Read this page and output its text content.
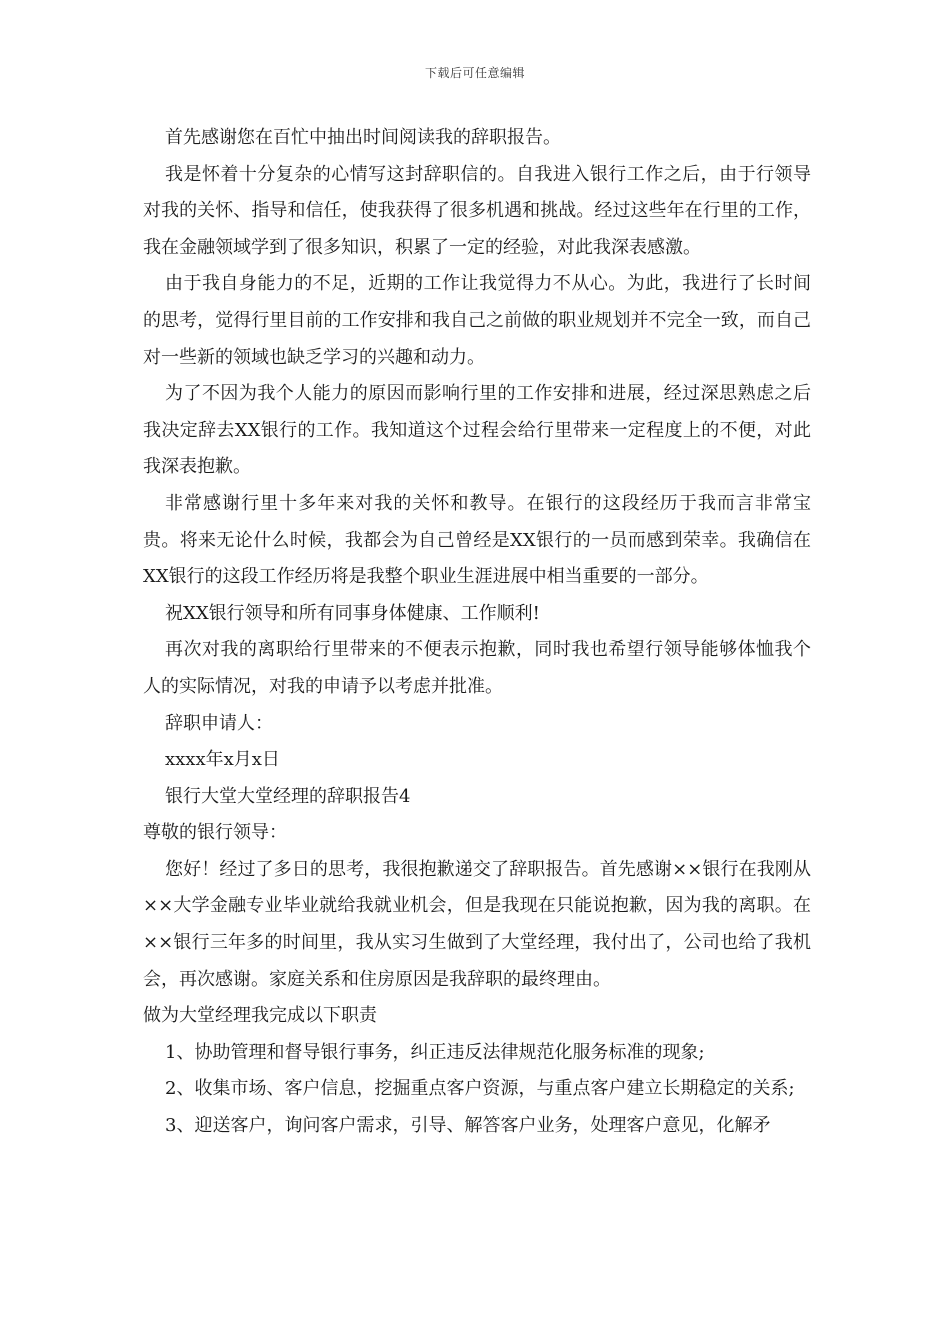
下载后可任意编辑

首先感谢您在百忙中抽出时间阅读我的辞职报告。

我是怀着十分复杂的心情写这封辞职信的。自我进入银行工作之后，由于行领导对我的关怀、指导和信任，使我获得了很多机遇和挑战。经过这些年在行里的工作，我在金融领域学到了很多知识，积累了一定的经验，对此我深表感激。

由于我自身能力的不足，近期的工作让我觉得力不从心。为此，我进行了长时间的思考，觉得行里目前的工作安排和我自己之前做的职业规划并不完全一致，而自己对一些新的领域也缺乏学习的兴趣和动力。

为了不因为我个人能力的原因而影响行里的工作安排和进展，经过深思熟虑之后我决定辞去XX银行的工作。我知道这个过程会给行里带来一定程度上的不便，对此我深表抱歉。

非常感谢行里十多年来对我的关怀和教导。在银行的这段经历于我而言非常宝贵。将来无论什么时候，我都会为自己曾经是XX银行的一员而感到荣幸。我确信在XX银行的这段工作经历将是我整个职业生涯进展中相当重要的一部分。

祝XX银行领导和所有同事身体健康、工作顺利!

再次对我的离职给行里带来的不便表示抱歉，同时我也希望行领导能够体恤我个人的实际情况，对我的申请予以考虑并批准。

辞职申请人：

xxxx年x月x日

银行大堂大堂经理的辞职报告4

尊敬的银行领导：

您好！经过了多日的思考，我很抱歉递交了辞职报告。首先感谢××银行在我刚从××大学金融专业毕业就给我就业机会，但是我现在只能说抱歉，因为我的离职。在××银行三年多的时间里，我从实习生做到了大堂经理，我付出了，公司也给了我机会，再次感谢。家庭关系和住房原因是我辞职的最终理由。

做为大堂经理我完成以下职责

1、协助管理和督导银行事务，纠正违反法律规范化服务标准的现象;

2、收集市场、客户信息，挖掘重点客户资源，与重点客户建立长期稳定的关系;

3、迎送客户，询问客户需求，引导、解答客户业务，处理客户意见，化解矛
